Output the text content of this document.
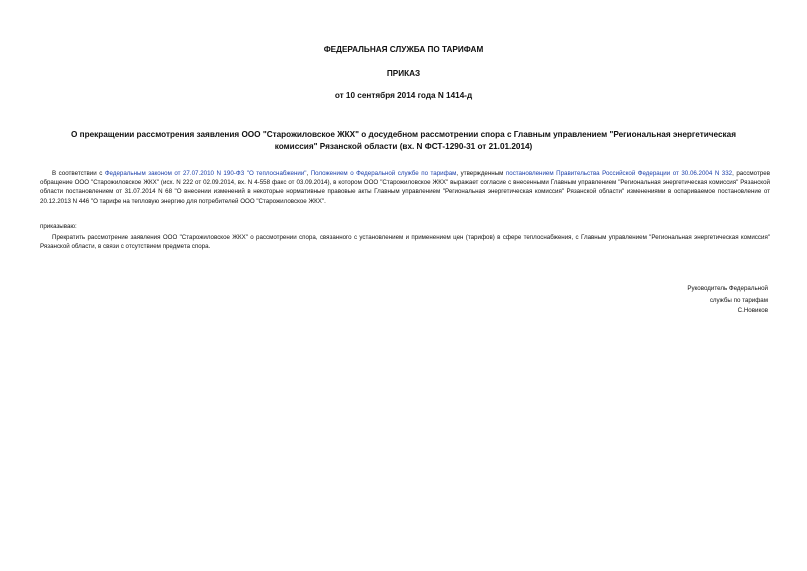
ФЕДЕРАЛЬНАЯ СЛУЖБА ПО ТАРИФАМ
ПРИКАЗ
от 10 сентября 2014 года N 1414-д
О прекращении рассмотрения заявления ООО "Старожиловское ЖКХ" о досудебном рассмотрении спора с Главным управлением "Региональная энергетическая
комиссия" Рязанской области (вх. N ФСТ-1290-31 от 21.01.2014)
В соответствии с Федеральным законом от 27.07.2010 N 190-ФЗ "О теплоснабжении", Положением о Федеральной службе по тарифам, утвержденным постановлением Правительства Российской Федерации от 30.06.2004 N 332, рассмотрев обращение ООО "Старожиловское ЖКХ" (исх. N 222 от 02.09.2014, вх. N 4-558 факс от 03.09.2014), в котором ООО "Старожиловское ЖКХ" выражает согласие с внесенными Главным управлением "Региональная энергетическая комиссия" Рязанской области постановлением от 31.07.2014 N 68 "О внесении изменений в некоторые нормативные правовые акты Главным управлением "Региональная энергетическая комиссия" Рязанской области" изменениями в оспариваемое постановление от 20.12.2013 N 446 "О тарифе на тепловую энергию для потребителей ООО "Старожиловское ЖКХ".
приказываю:
Прекратить рассмотрение заявления ООО "Старожиловское ЖКХ" о рассмотрении спора, связанного с установлением и применением цен (тарифов) в сфере теплоснабжения, с Главным управлением "Региональная энергетическая комиссия" Рязанской области, в связи с отсутствием предмета спора.
Руководитель Федеральной
службы по тарифам
С.Новиков
